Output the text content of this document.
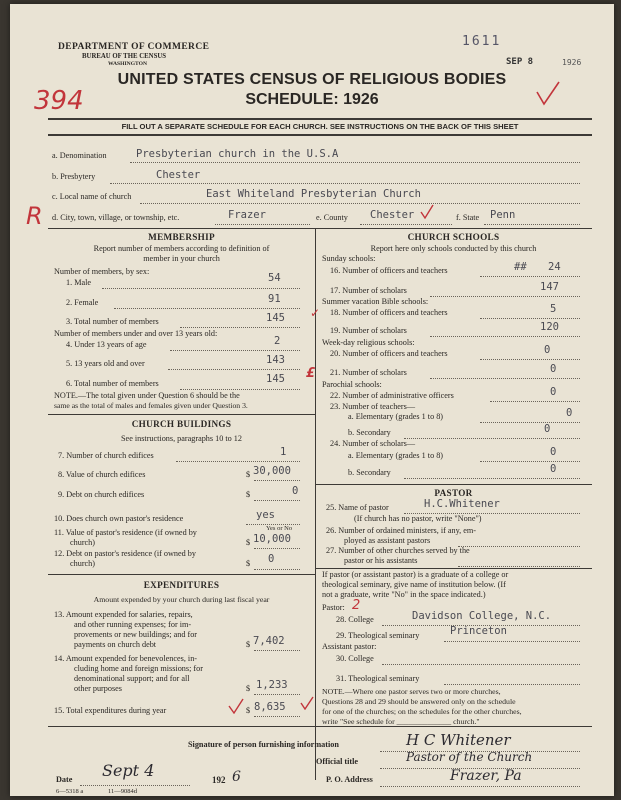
DEPARTMENT OF COMMERCE
BUREAU OF THE CENSUS
WASHINGTON
1611
SEP 8	1926
UNITED STATES CENSUS OF RELIGIOUS BODIES
SCHEDULE: 1926
394
R
FILL OUT A SEPARATE SCHEDULE FOR EACH CHURCH. SEE INSTRUCTIONS ON THE BACK OF THIS SHEET
a. Denomination	Presbyterian church in the U.S.A
b. Presbytery	Chester
c. Local name of church	East Whiteland Presbyterian Church
d. City, town, village, or township, etc.	Frazer	e. County Chester	f. State Penn
MEMBERSHIP
Report number of members according to definition of
member in your church
Number of members, by sex:
1. Male	54
2. Female	91
3. Total number of members	145 ✓
Number of members under and over 13 years old:
4. Under 13 years of age	2
5. 13 years old and over	143
6. Total number of members	145 £
NOTE.—The total given under Question 6 should be the
same as the total of males and females given under Question 3.
CHURCH BUILDINGS
See instructions, paragraphs 10 to 12
7. Number of church edifices	1
8. Value of church edifices	$ 30,000
9. Debt on church edifices	$	0
10. Does church own pastor's residence	yes
Yes or No
11. Value of pastor's residence (if owned by
church)	$ 10,000
12. Debt on pastor's residence (if owned by
church)	$ 0
EXPENDITURES
Amount expended by your church during last fiscal year
13. Amount expended for salaries, repairs,
and other running expenses; for im-
provements or new buildings; and for
payments on church debt	$ 7,402
14. Amount expended for benevolences, in-
cluding home and foreign missions; for
denominational support; and for all
other purposes	$ 1,233
15. Total expenditures during year	$ 8,635
CHURCH SCHOOLS
Report here only schools conducted by this church
Sunday schools:
16. Number of officers and teachers	## 24
17. Number of scholars	147
Summer vacation Bible schools:
18. Number of officers and teachers	5
19. Number of scholars	120
Week-day religious schools:
20. Number of officers and teachers	0
21. Number of scholars	0
Parochial schools:
22. Number of administrative officers	0
23. Number of teachers—
a. Elementary (grades 1 to 8)	0
b. Secondary	0
24. Number of scholars—
a. Elementary (grades 1 to 8)	0
b. Secondary	0
PASTOR
25. Name of pastor	H.C.Whitener
(If church has no pastor, write "None")
26. Number of ordained ministers, if any, em-
ployed as assistant pastors
27. Number of other churches served by the
pastor or his assistants
If pastor (or assistant pastor) is a graduate of a college or
theological seminary, give name of institution below. (If
not a graduate, write "No" in the space indicated.)
Pastor: 2
28. College	Davidson College, N.C.
29. Theological seminary	Princeton
Assistant pastor:
30. College
31. Theological seminary
NOTE.—Where one pastor serves two or more churches,
Questions 28 and 29 should be answered only on the schedule
for one of the churches; on the schedules for the other churches,
write "See schedule for ______________ church."
Signature of person furnishing information	H C Whitener
Official title	Pastor of the Church
Date Sept 4	192 6	P. O. Address	Frazer, Pa
6—5318 a	11—9084d
